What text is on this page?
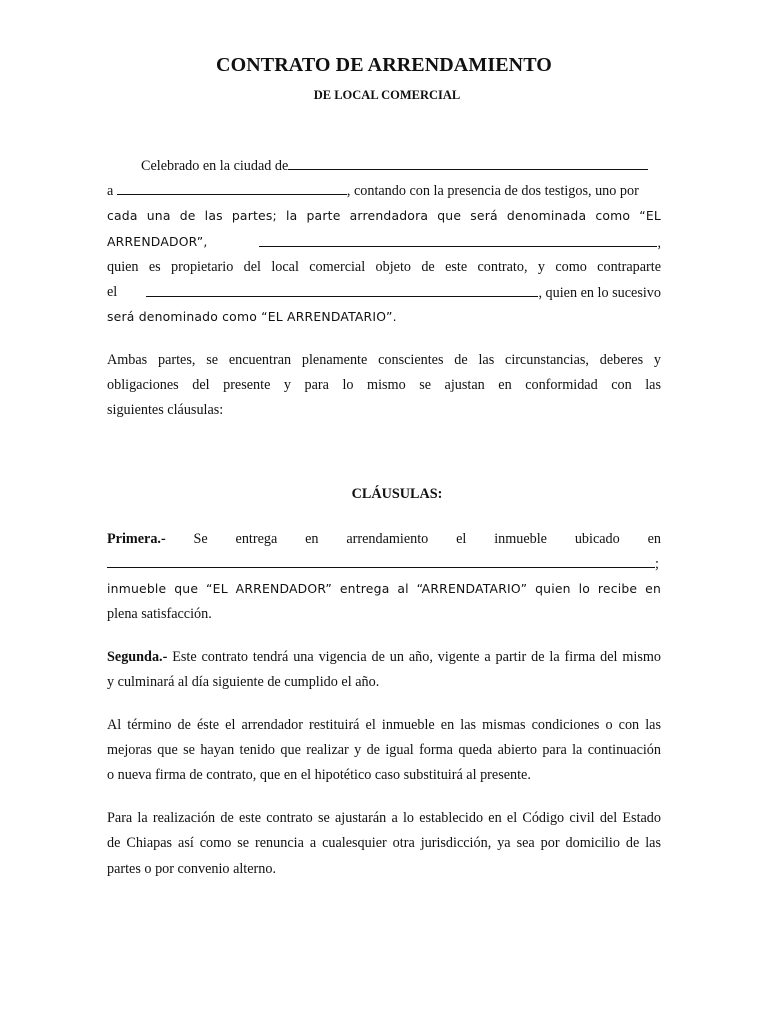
CONTRATO DE ARRENDAMIENTO
DE LOCAL COMERCIAL
Celebrado en la ciudad de
a	, contando con la presencia de dos testigos, uno por
cada una de las partes; la parte arrendadora que será denominada como “EL
ARRENDADOR”,	,
quien es propietario del local comercial objeto de este contrato, y como contraparte
el	, quien en lo sucesivo
será denominado como “EL ARRENDATARIO”.
Ambas partes, se encuentran plenamente conscientes de las circunstancias, deberes y
obligaciones del presente y para lo mismo se ajustan en conformidad con las
siguientes cláusulas:
CLÁUSULAS:
Primera.- Se entrega en arrendamiento el inmueble ubicado en
;
inmueble que “EL ARRENDADOR” entrega al “ARRENDATARIO” quien lo recibe en
plena satisfacción.
Segunda.- Este contrato tendrá una vigencia de un año, vigente a partir de la firma del mismo
y culminará al día siguiente de cumplido el año.
Al término de éste el arrendador restituirá el inmueble en las mismas condiciones o con las
mejoras que se hayan tenido que realizar y de igual forma queda abierto para la continuación
o nueva firma de contrato, que en el hipotético caso substituirá al presente.
Para la realización de este contrato se ajustarán a lo establecido en el Código civil del Estado
de Chiapas así como se renuncia a cualesquier otra jurisdicción, ya sea por domicilio de las
partes o por convenio alterno.
